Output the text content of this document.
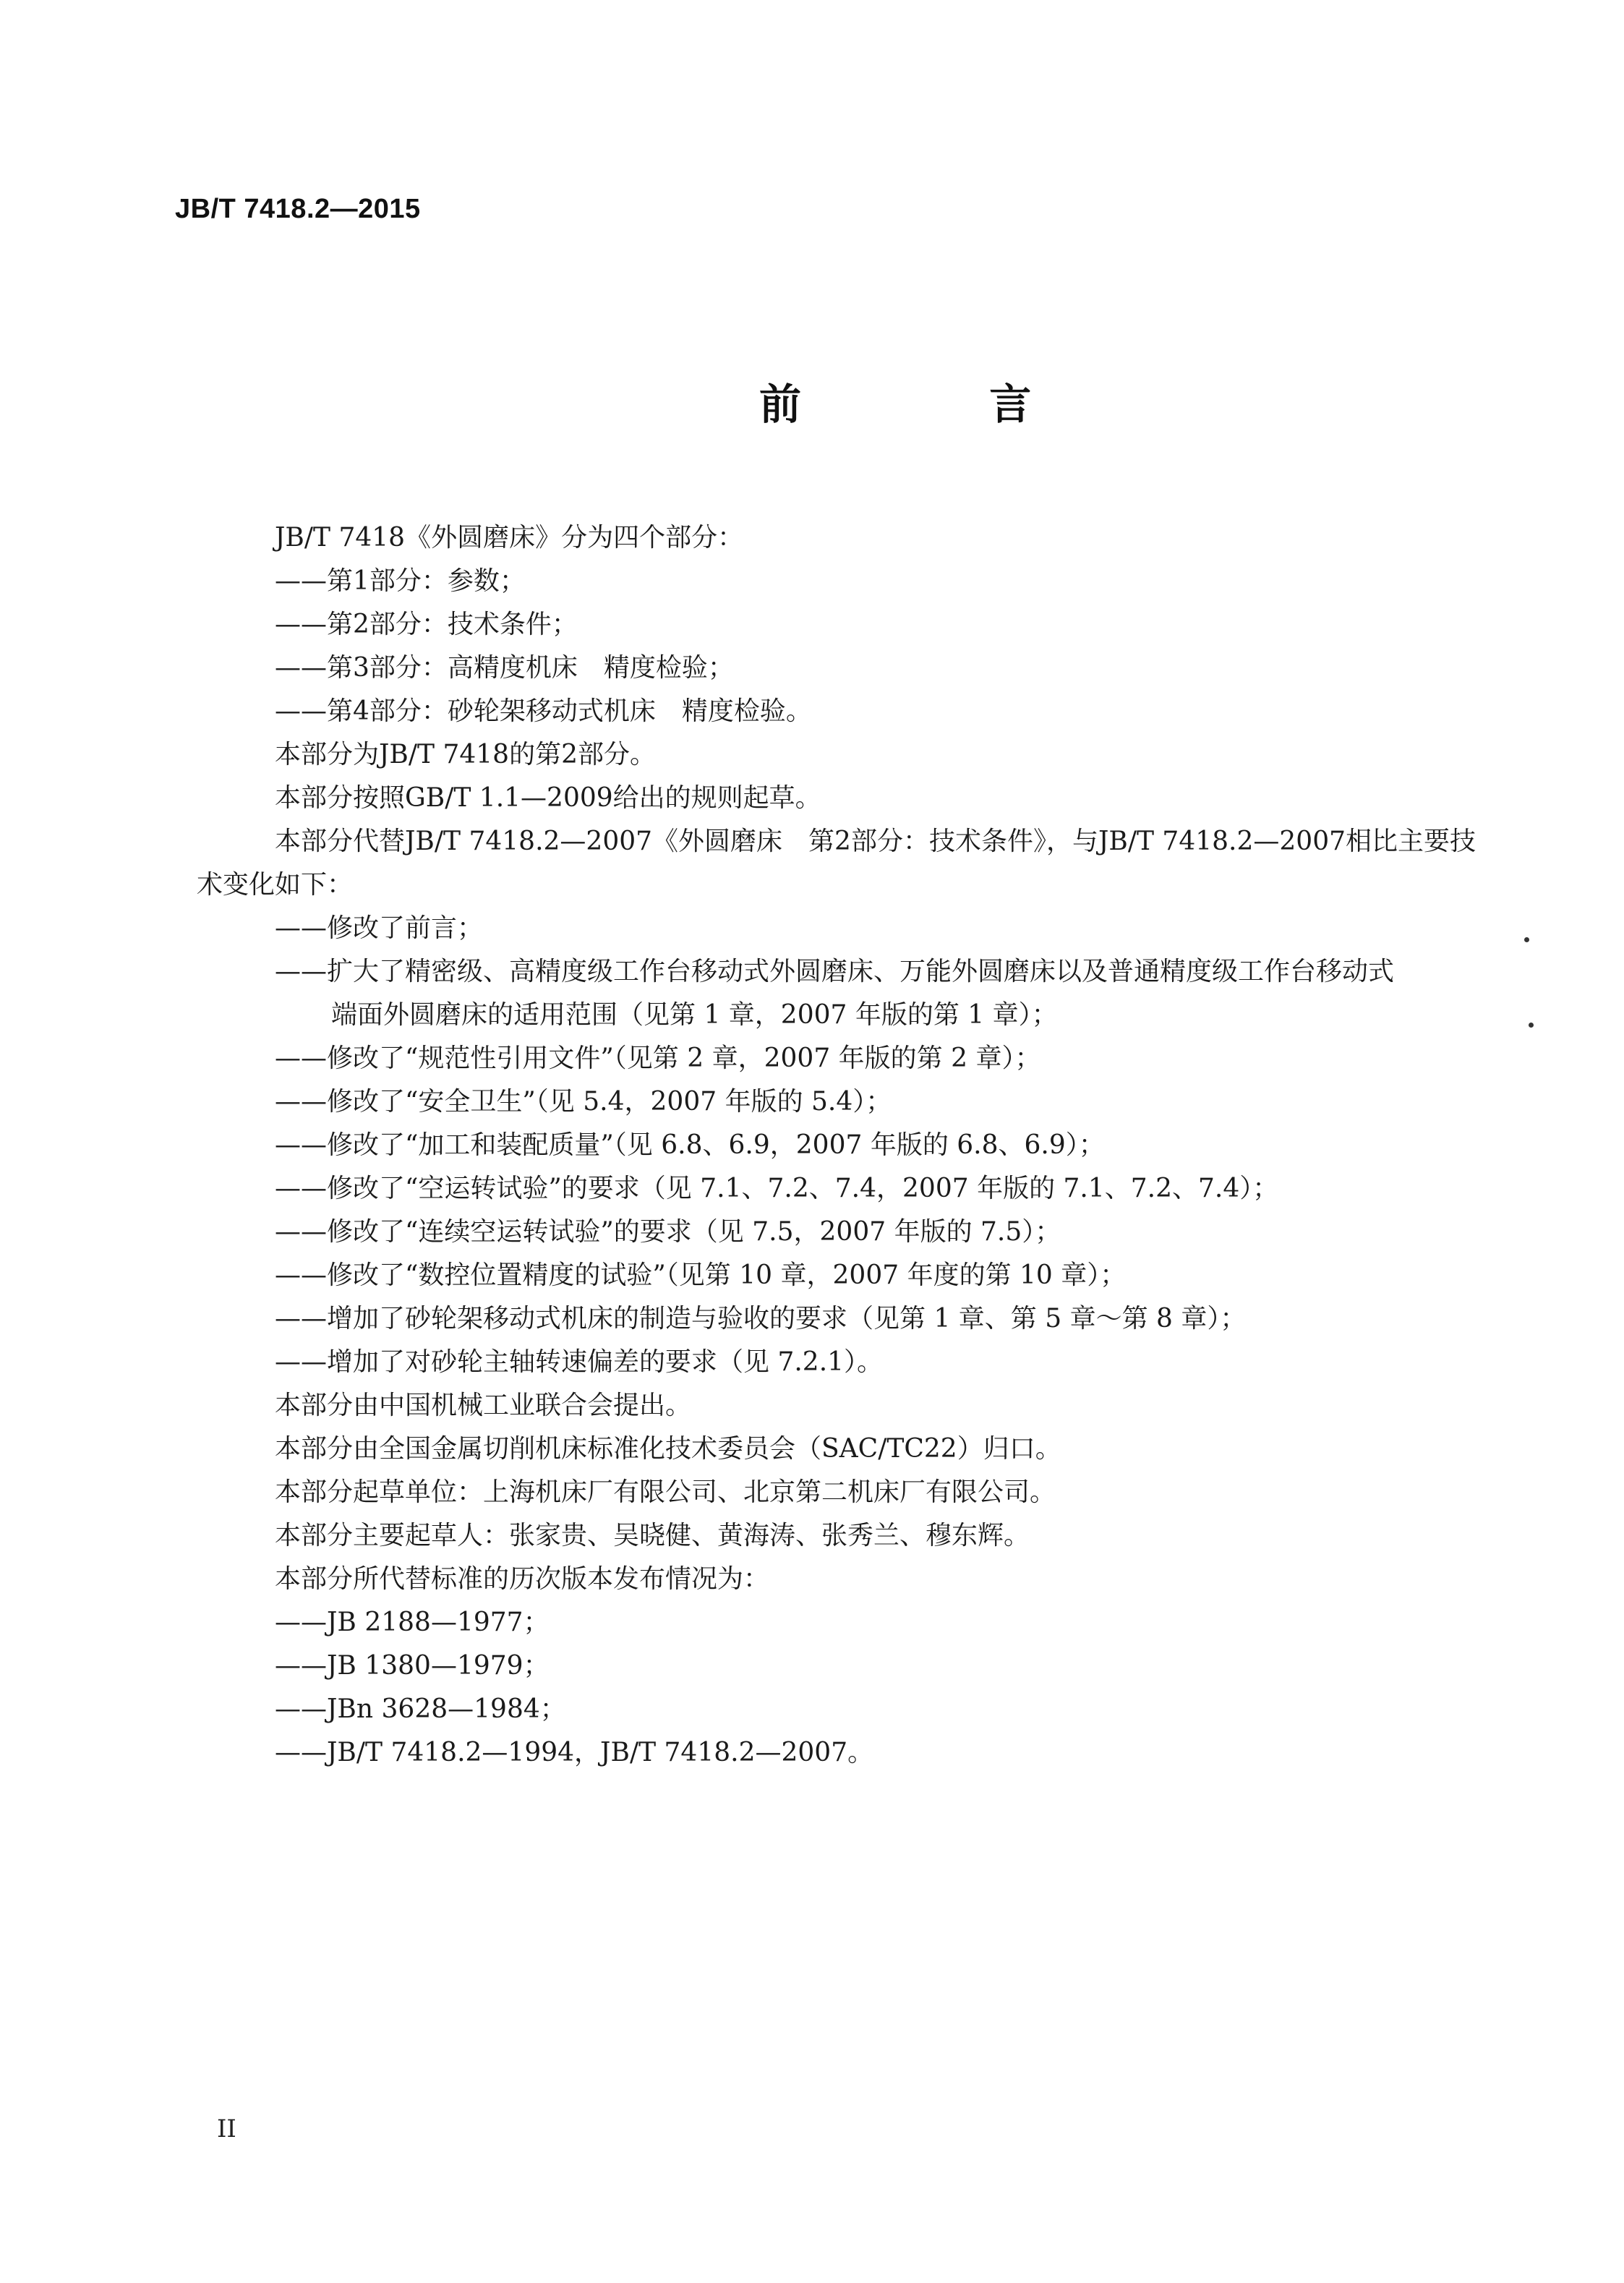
JB/T 7418.2—2015
前 言
JB/T 7418《外圆磨床》分为四个部分：
——第1部分：参数；
——第2部分：技术条件；
——第3部分：高精度机床　精度检验；
——第4部分：砂轮架移动式机床　精度检验。
本部分为JB/T 7418的第2部分。
本部分按照GB/T 1.1—2009给出的规则起草。
本部分代替JB/T 7418.2—2007《外圆磨床　第2部分：技术条件》，与JB/T 7418.2—2007相比主要技
术变化如下：
——修改了前言；
——扩大了精密级、高精度级工作台移动式外圆磨床、万能外圆磨床以及普通精度级工作台移动式
端面外圆磨床的适用范围（见第 1 章，2007 年版的第 1 章）；
——修改了“规范性引用文件”（见第 2 章，2007 年版的第 2 章）；
——修改了“安全卫生”（见 5.4，2007 年版的 5.4）；
——修改了“加工和装配质量”（见 6.8、6.9，2007 年版的 6.8、6.9）；
——修改了“空运转试验”的要求（见 7.1、7.2、7.4，2007 年版的 7.1、7.2、7.4）；
——修改了“连续空运转试验”的要求（见 7.5，2007 年版的 7.5）；
——修改了“数控位置精度的试验”（见第 10 章，2007 年度的第 10 章）；
——增加了砂轮架移动式机床的制造与验收的要求（见第 1 章、第 5 章～第 8 章）；
——增加了对砂轮主轴转速偏差的要求（见 7.2.1）。
本部分由中国机械工业联合会提出。
本部分由全国金属切削机床标准化技术委员会（SAC/TC22）归口。
本部分起草单位：上海机床厂有限公司、北京第二机床厂有限公司。
本部分主要起草人：张家贵、吴晓健、黄海涛、张秀兰、穆东辉。
本部分所代替标准的历次版本发布情况为：
——JB 2188—1977；
——JB 1380—1979；
——JBn 3628—1984；
——JB/T 7418.2—1994，JB/T 7418.2—2007。
II
